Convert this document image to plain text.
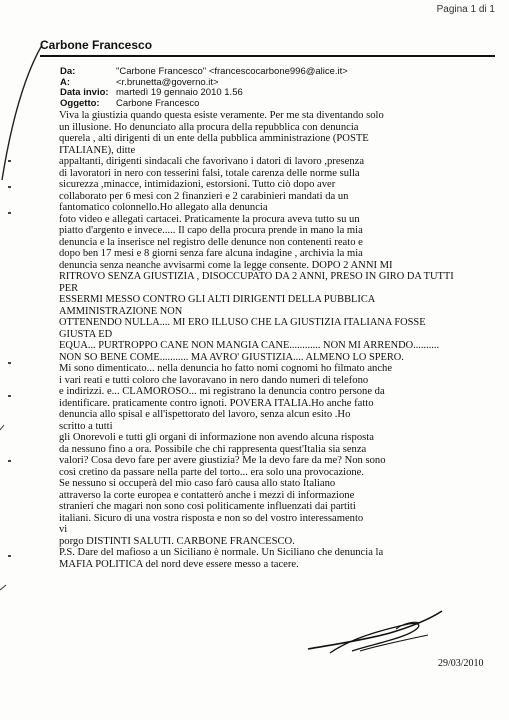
Pagina 1 di 1
Carbone Francesco
Da:	"Carbone Francesco" <francescocarbone996@alice.it>
A:	<r.brunetta@governo.it>
Data invio: martedì 19 gennaio 2010 1.56
Oggetto:	Carbone Francesco
Viva la giustizia quando questa esiste veramente. Per me sta diventando solo
un illusione. Ho denunciato alla procura della repubblica con denuncia
querela , alti dirigenti di un ente della pubblica amministrazione (POSTE
ITALIANE), ditte
appaltanti, dirigenti sindacali che favorivano i datori di lavoro ,presenza
di lavoratori in nero con tesserini falsi, totale carenza delle norme sulla
sicurezza ,minacce, intimidazioni, estorsioni. Tutto ciò dopo aver
collaborato per 6 mesi con 2 finanzieri e 2 carabinieri mandati da un
fantomatico colonnello.Ho allegato alla denuncia
foto video e allegati cartacei. Praticamente la procura aveva tutto su un
piatto d'argento e invece..... Il capo della procura prende in mano la mia
denuncia e la inserisce nel registro delle denunce non contenenti reato e
dopo ben 17 mesi e 8 giorni senza fare alcuna indagine , archivia la mia
denuncia senza neanche avvisarmi come la legge consente. DOPO 2 ANNI MI
RITROVO SENZA GIUSTIZIA , DISOCCUPATO DA 2 ANNI, PRESO IN GIRO DA TUTTI
PER
ESSERMI MESSO CONTRO GLI ALTI DIRIGENTI DELLA PUBBLICA
AMMINISTRAZIONE NON
OTTENENDO NULLA.... MI ERO ILLUSO CHE LA GIUSTIZIA ITALIANA FOSSE
GIUSTA ED
EQUA... PURTROPPO CANE NON MANGIA CANE............ NON MI ARRENDO..........
NON SO BENE COME........... MA AVRO' GIUSTIZIA.... ALMENO LO SPERO.
Mi sono dimenticato... nella denuncia ho fatto nomi cognomi ho filmato anche
i vari reati e tutti coloro che lavoravano in nero dando numeri di telefono
e indirizzi. e... CLAMOROSO... mi registrano la denuncia contro persone da
identificare. praticamente contro ignoti. POVERA ITALIA.Ho anche fatto
denuncia allo spisal e all'ispettorato del lavoro, senza alcun esito .Ho
scritto a tutti
gli Onorevoli e tutti gli organi di informazione non avendo alcuna risposta
da nessuno fino a ora. Possibile che chi rappresenta quest'Italia sia senza
valori? Cosa devo fare per avere giustizia? Me la devo fare da me? Non sono
così cretino da passare nella parte del torto... era solo una provocazione.
Se nessuno si occuperà del mio caso farò causa allo stato Italiano
attraverso la corte europea e contatterò anche i mezzi di informazione
stranieri che magari non sono così politicamente influenzati dai partiti
italiani. Sicuro di una vostra risposta e non so del vostro interessamento
vi
porgo DISTINTI SALUTI. CARBONE FRANCESCO.
P.S. Dare del mafioso a un Siciliano è normale. Un Siciliano che denuncia la
MAFIA POLITICA del nord deve essere messo a tacere.
29/03/2010
